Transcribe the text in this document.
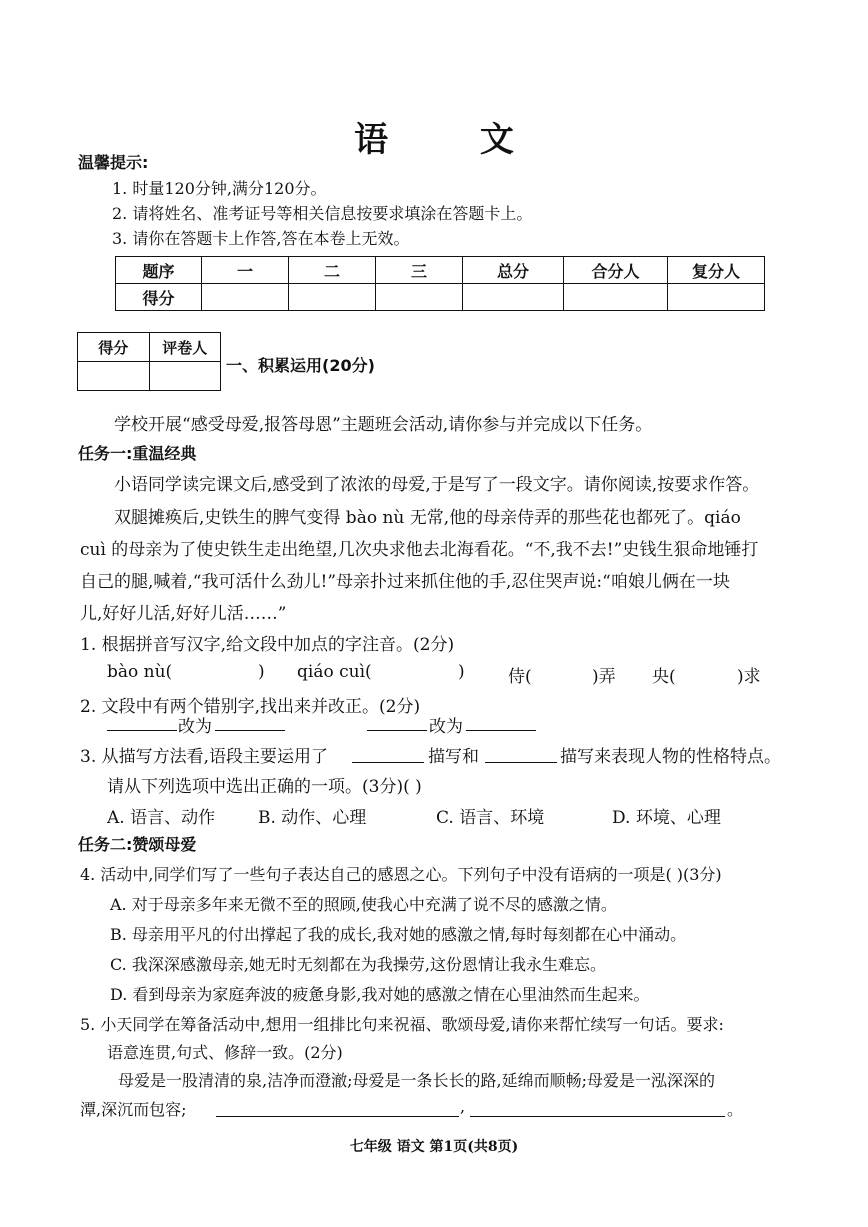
语 文
温馨提示:
1. 时量120分钟,满分120分。
2. 请将姓名、准考证号等相关信息按要求填涂在答题卡上。
3. 请你在答题卡上作答,答在本卷上无效。
题序	一	二	三	总分	合分人	复分人
得分						
得分	评卷人

一、积累运用(20分)
学校开展“感受母爱,报答母恩”主题班会活动,请你参与并完成以下任务。
任务一:重温经典
小语同学读完课文后,感受到了浓浓的母爱,于是写了一段文字。请你阅读,按要求作答。
双腿摊痪后,史铁生的脾气变得 bào nù 无常,他的母亲侍弄的那些花也都死了。qiáo
cuì 的母亲为了使史铁生走出绝望,几次央求他去北海看花。“不,我不去!”史钱生狠命地锤打
自己的腿,喊着,“我可活什么劲儿!”母亲扑过来抓住他的手,忍住哭声说:“咱娘儿俩在一块
儿,好好儿活,好好儿活……”
1. 根据拼音写汉字,给文段中加点的字注音。(2分)
bào nù(	) qiáo cuì(	)	侍(	)弄 央(	)求
2. 文段中有两个错别字,找出来并改正。(2分)
改为	改为
3. 从描写方法看,语段主要运用了	描写和	描写来表现人物的性格特点。
请从下列选项中选出正确的一项。(3分)( )
A. 语言、动作	B. 动作、心理	C. 语言、环境	D. 环境、心理
任务二:赞颂母爱
4. 活动中,同学们写了一些句子表达自己的感恩之心。下列句子中没有语病的一项是( )(3分)
A. 对于母亲多年来无微不至的照顾,使我心中充满了说不尽的感激之情。
B. 母亲用平凡的付出撑起了我的成长,我对她的感激之情,每时每刻都在心中涌动。
C. 我深深感激母亲,她无时无刻都在为我操劳,这份恩情让我永生难忘。
D. 看到母亲为家庭奔波的疲惫身影,我对她的感激之情在心里油然而生起来。
5. 小天同学在筹备活动中,想用一组排比句来祝福、歌颂母爱,请你来帮忙续写一句话。要求:
语意连贯,句式、修辞一致。(2分)
母爱是一股清清的泉,洁净而澄澈;母爱是一条长长的路,延绵而顺畅;母爱是一泓深深的
潭,深沉而包容;	,	。
七年级 语文 第1页(共8页)
